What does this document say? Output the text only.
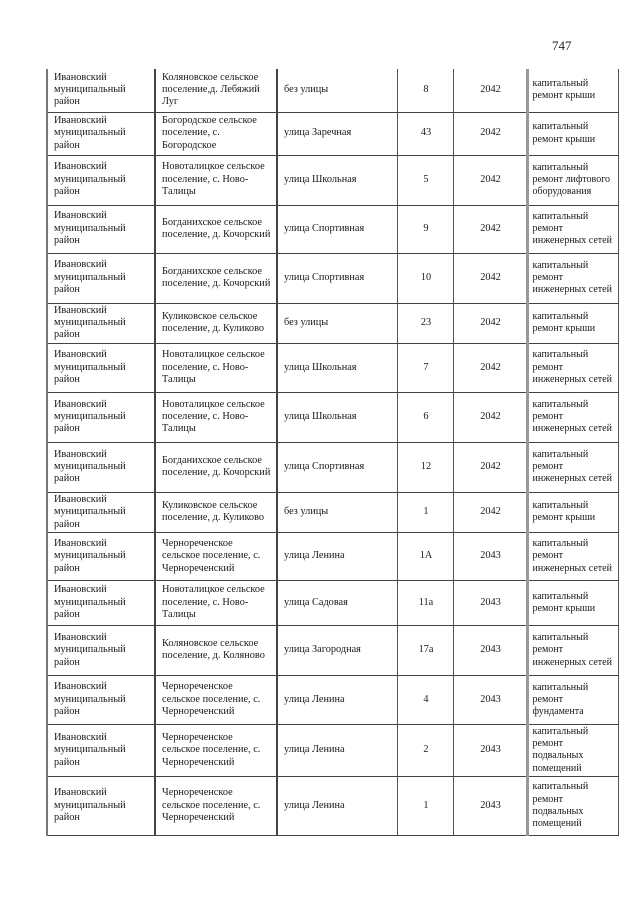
747
Ивановский муниципальный район	Коляновское сельское поселение,д. Лебяжий Луг	без улицы	8	2042	капитальный ремонт крыши
Ивановский муниципальный район	Богородское сельское поселение, с. Богородское	улица Заречная	43	2042	капитальный ремонт крыши
Ивановский муниципальный район	Новоталицкое сельское поселение, с. Ново-Талицы	улица Школьная	5	2042	капитальный ремонт лифтового оборудования
Ивановский муниципальный район	Богданихское сельское поселение, д. Кочорский	улица Спортивная	9	2042	капитальный ремонт инженерных сетей
Ивановский муниципальный район	Богданихское сельское поселение, д. Кочорский	улица Спортивная	10	2042	капитальный ремонт инженерных сетей
Ивановский муниципальный район	Куликовское сельское поселение, д. Куликово	без улицы	23	2042	капитальный ремонт крыши
Ивановский муниципальный район	Новоталицкое сельское поселение, с. Ново-Талицы	улица Школьная	7	2042	капитальный ремонт инженерных сетей
Ивановский муниципальный район	Новоталицкое сельское поселение, с. Ново-Талицы	улица Школьная	6	2042	капитальный ремонт инженерных сетей
Ивановский муниципальный район	Богданихское сельское поселение, д. Кочорский	улица Спортивная	12	2042	капитальный ремонт инженерных сетей
Ивановский муниципальный район	Куликовское сельское поселение, д. Куликово	без улицы	1	2042	капитальный ремонт крыши
Ивановский муниципальный район	Чернореченское сельское поселение, с. Чернореченский	улица Ленина	1А	2043	капитальный ремонт инженерных сетей
Ивановский муниципальный район	Новоталицкое сельское поселение, с. Ново-Талицы	улица Садовая	11а	2043	капитальный ремонт крыши
Ивановский муниципальный район	Коляновское сельское поселение, д. Коляново	улица Загородная	17а	2043	капитальный ремонт инженерных сетей
Ивановский муниципальный район	Чернореченское сельское поселение, с. Чернореченский	улица Ленина	4	2043	капитальный ремонт фундамента
Ивановский муниципальный район	Чернореченское сельское поселение, с. Чернореченский	улица Ленина	2	2043	капитальный ремонт подвальных помещений
Ивановский муниципальный район	Чернореченское сельское поселение, с. Чернореченский	улица Ленина	1	2043	капитальный ремонт подвальных помещений
